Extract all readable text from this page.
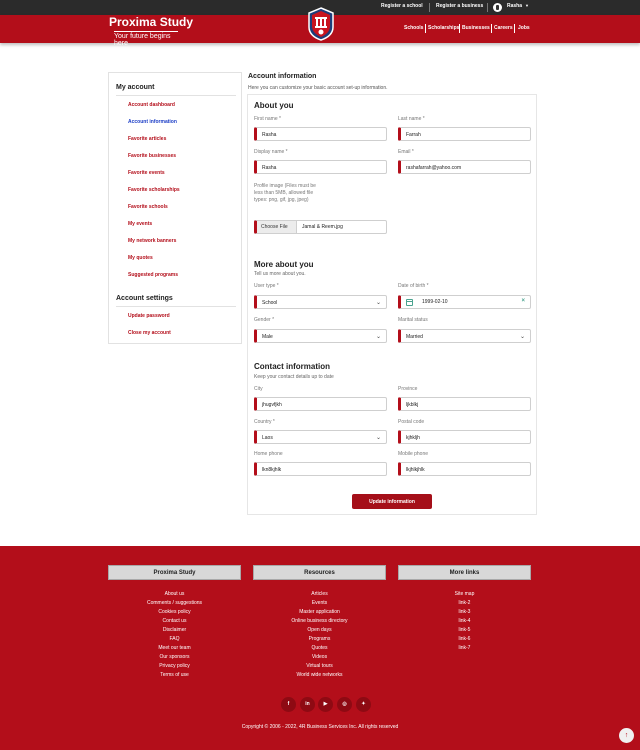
Register a school	Register a business	Rasha ▼
Proxima Study
Your future begins here
Schools Scholarships Businesses Careers Jobs
My account
Account dashboard
Account information
Favorite articles
Favorite businesses
Favorite events
Favorite scholarships
Favorite schools
My events
My network banners
My quotes
Suggested programs
Account settings
Update password
Close my account
Account information
Here you can customize your basic account set-up information.
About you
First name *
Rasha
Last name *
Farrah
Display name *
Rasha
Email *
rashafarrah@yahoo.com
Profile image (Files must be less than 5MB, allowed file types: png, gif, jpg, jpeg)
Choose File	Jamal & Reem.jpg
More about you
Tell us more about you.
User type *
School	⌄
Date of birth *
1999-02-10	×
Gender *
Male	⌄
Marital status
Married	⌄
Contact information
Keep your contact details up to date
City
jhugvfjkh
Province
ljkblkj
Country *
Laos	⌄
Postal code
kjhkljh
Home phone
lkn8kjhlk
Mobile phone
lkjhlkjhlk
Update information
Proxima Study	Resources	More links
About us
Comments / suggestions
Cookies policy
Contact us
Disclaimer
FAQ
Meet our team
Our sponsors
Privacy policy
Terms of use
Articles
Events
Master application
Online business directory
Open days
Programs
Quotes
Videos
Virtual tours
World wide networks
Site map
link-2
link-3
link-4
link-5
link-6
link-7
f	in	▶	◎	✦
Copyright © 2006 - 2022, 4R Business Services Inc. All rights reserved
↑
